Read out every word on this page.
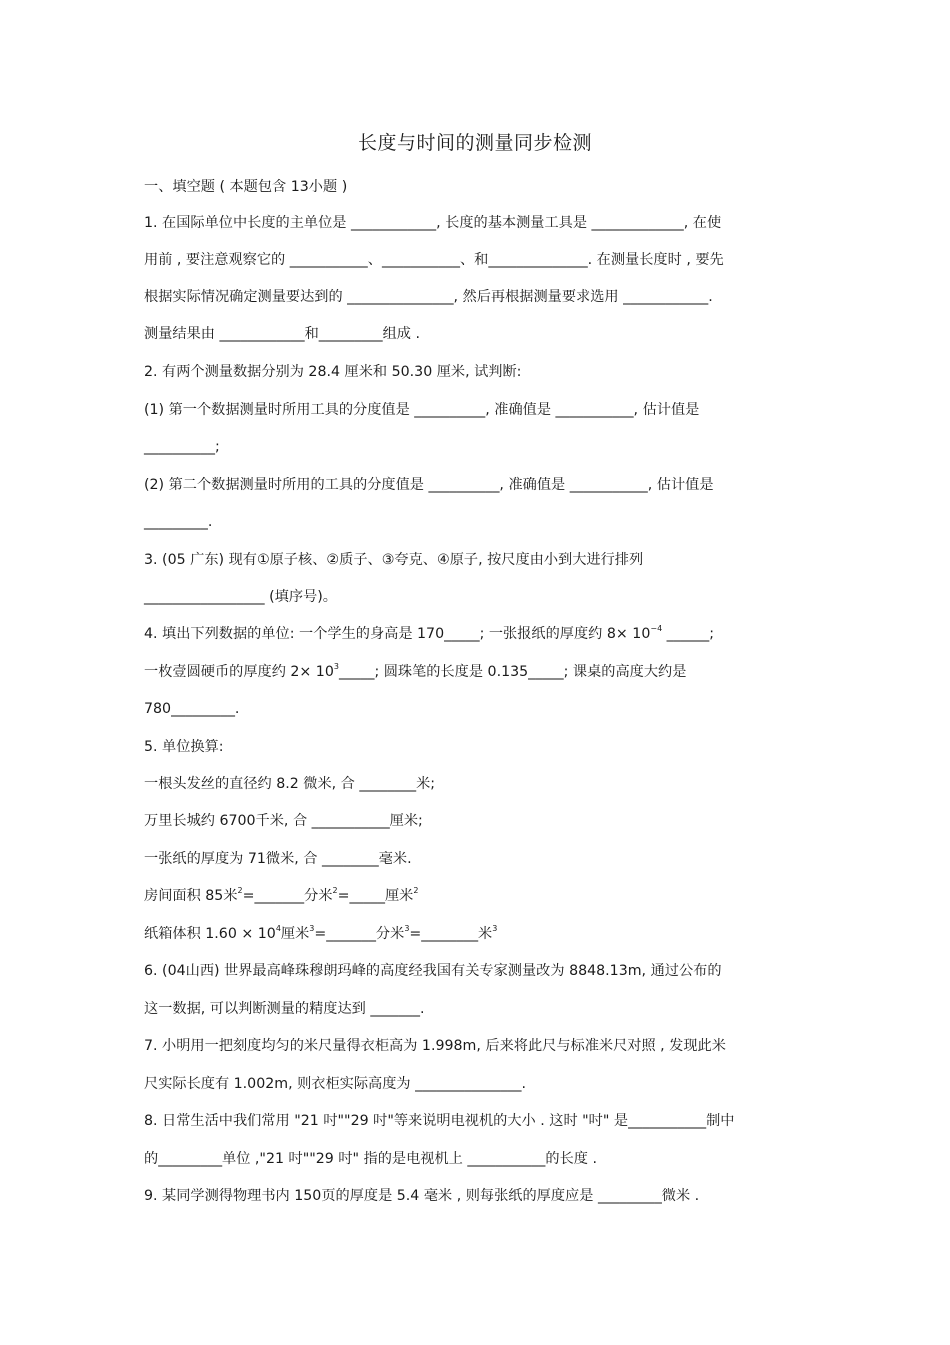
长度与时间的测量同步检测
一、填空题 ( 本题包含 13小题 )
1. 在国际单位中长度的主单位是 ____________, 长度的基本测量工具是 _____________, 在使
用前 , 要注意观察它的 ___________、___________、和______________. 在测量长度时 , 要先
根据实际情况确定测量要达到的 _______________, 然后再根据测量要求选用 ____________.
测量结果由 ____________和_________组成 .
2. 有两个测量数据分别为 28.4 厘米和 50.30 厘米, 试判断:
(1) 第一个数据测量时所用工具的分度值是 __________, 准确值是 ___________, 估计值是
__________;
(2) 第二个数据测量时所用的工具的分度值是 __________, 准确值是 ___________, 估计值是
_________.
3. (05 广东) 现有①原子核、②质子、③夸克、④原子, 按尺度由小到大进行排列
_________________ (填序号)。
4. 填出下列数据的单位: 一个学生的身高是 170_____; 一张报纸的厚度约 $8\times 10^{-4}$ ______;
一枚壹圆硬币的厚度约 $2\times 10^3\_\_\_\_\_$; 圆珠笔的长度是 0.135_____; 课桌的高度大约是
780_________.
5. 单位换算:
一根头发丝的直径约 8.2 微米, 合 ________米;
万里长城约 6700千米, 合 ___________厘米;
一张纸的厚度为 71微米, 合 ________毫米.
房间面积 85米$^2$=_______分米$^2$=_____厘米$^2$
纸箱体积 $1.60 \times 10^4$厘米$^3$=_______分米$^3$=________米$^3$
6. (04山西) 世界最高峰珠穆朗玛峰的高度经我国有关专家测量改为 8848.13m, 通过公布的
这一数据, 可以判断测量的精度达到 _______.
7. 小明用一把刻度均匀的米尺量得衣柜高为 1.998m, 后来将此尺与标准米尺对照 , 发现此米
尺实际长度有 1.002m, 则衣柜实际高度为 _______________.
8. 日常生活中我们常用 "21 吋""29 吋"等来说明电视机的大小 . 这时 "吋" 是___________制中
的_________单位 ,"21 吋""29 吋" 指的是电视机上 ___________的长度 .
9. 某同学测得物理书内 150页的厚度是 5.4 毫米 , 则每张纸的厚度应是 _________微米 .
